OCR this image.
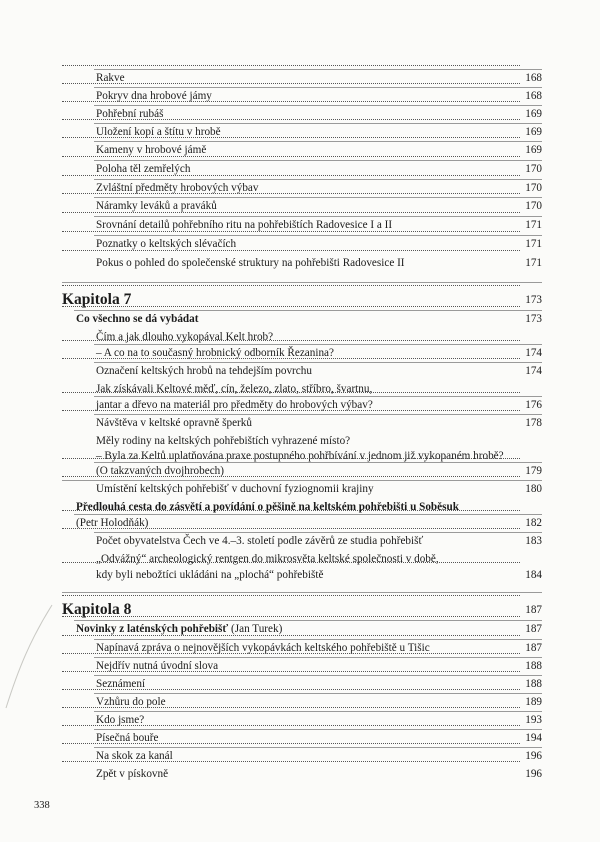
Rakve	168
Pokryv dna hrobové jámy	168
Pohřební rubáš	169
Uložení kopí a štítu v hrobě	169
Kameny v hrobové jámě	169
Poloha těl zemřelých	170
Zvláštní předměty hrobových výbav	170
Náramky leváků a praváků	170
Srovnání detailů pohřebního ritu na pohřebištích Radovesice I a II	171
Poznatky o keltských slévačích	171
Pokus o pohled do společenské struktury na pohřebišti Radovesice II	171
Kapitola 7	173
Co všechno se dá vybádat	173
Čím a jak dlouho vykopával Kelt hrob?
– A co na to současný hrobnický odborník Řezanina?	174
Označení keltských hrobů na tehdejším povrchu	174
Jak získávali Keltové měď, cín, železo, zlato, stříbro, švartnu,
jantar a dřevo na materiál pro předměty do hrobových výbav?	176
Návštěva v keltské opravně šperků	178
Měly rodiny na keltských pohřebištích vyhrazené místo?
– Byla za Keltů uplatňována praxe postupného pohřbívání v jednom již vykopaném hrobě?
(O takzvaných dvojhrobech)	179
Umístění keltských pohřebišť v duchovní fyziognomii krajiny	180
Předlouhá cesta do zásvětí a povídání o pěšině na keltském pohřebišti u Soběsuk
(Petr Holodňák)	182
Počet obyvatelstva Čech ve 4.–3. století podle závěrů ze studia pohřebišť	183
„Odvážný“ archeologický rentgen do mikrosvěta keltské společnosti v době,
kdy byli nebožtíci ukládáni na „plochá“ pohřebiště	184
Kapitola 8	187
Novinky z laténských pohřebišť (Jan Turek)	187
Napínavá zpráva o nejnovějších vykopávkách keltského pohřebiště u Tišic	187
Nejdřív nutná úvodní slova	188
Seznámení	188
Vzhůru do pole	189
Kdo jsme?	193
Písečná bouře	194
Na skok za kanál	196
Zpět v pískovně	196
338
